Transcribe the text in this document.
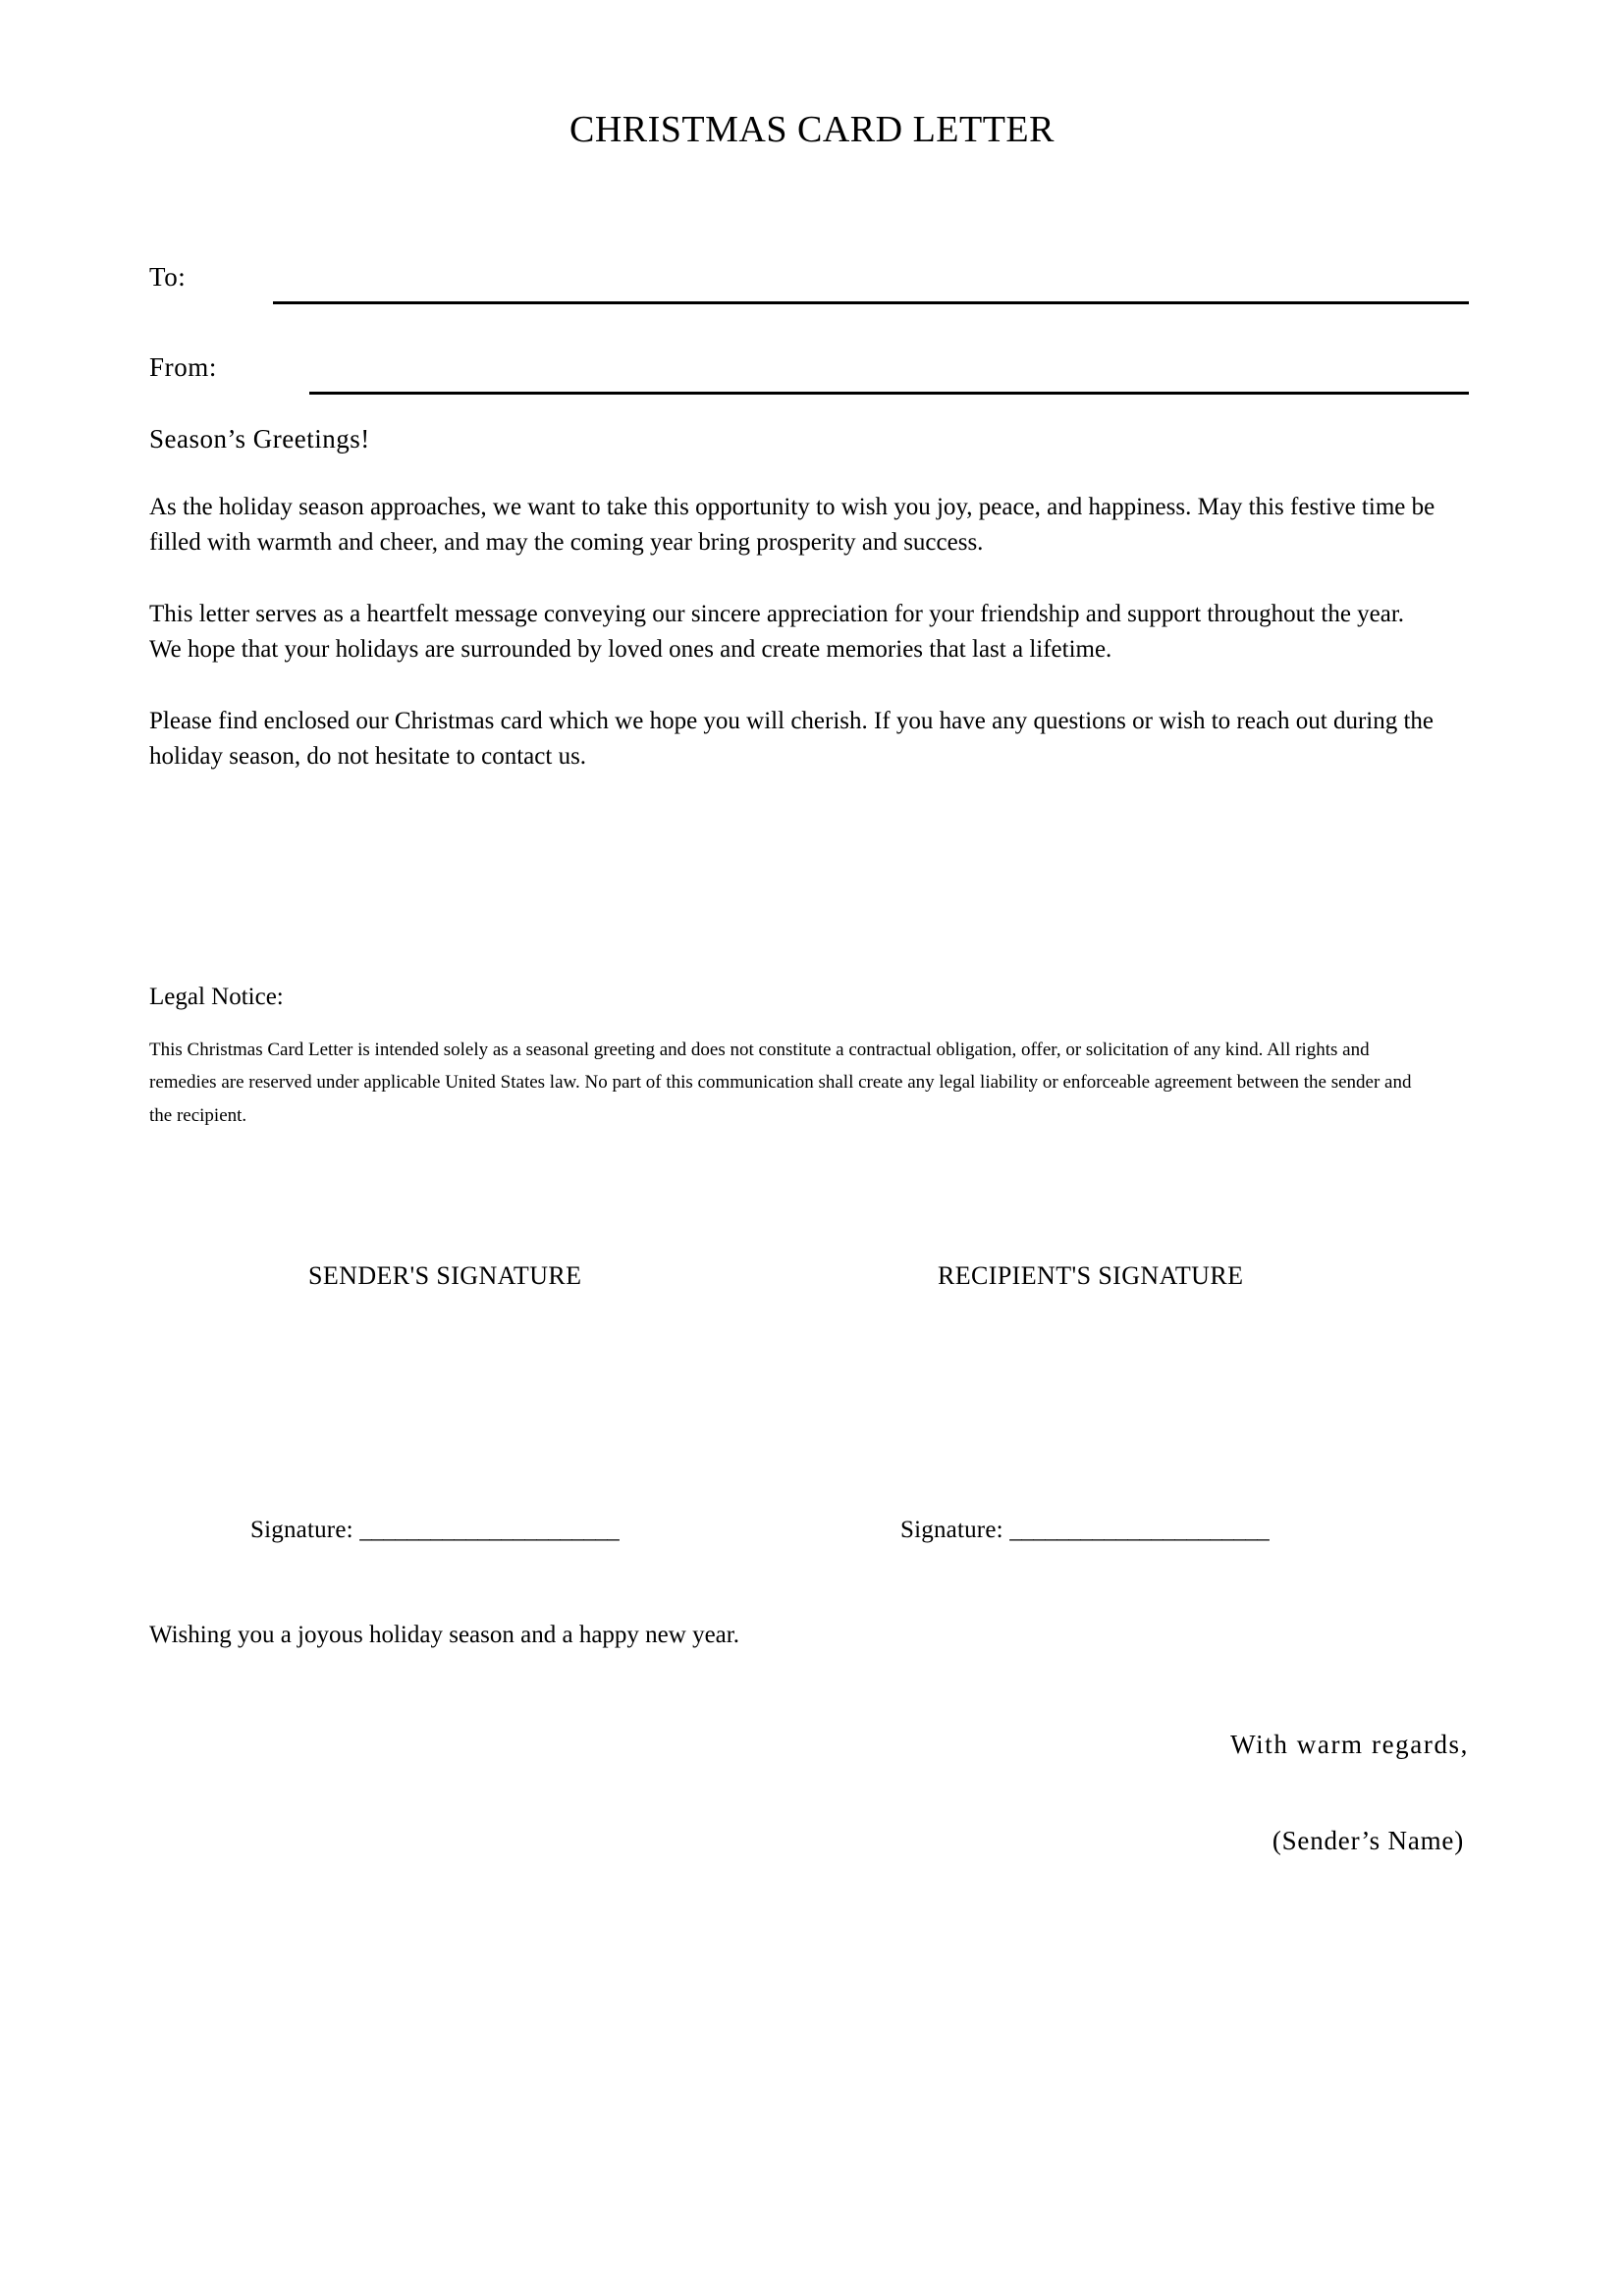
CHRISTMAS CARD LETTER
To:
From:

Season’s Greetings!

As the holiday season approaches, we want to take this opportunity to wish you joy, peace, and happiness. May this festive time be filled with warmth and cheer, and may the coming year bring prosperity and success.

This letter serves as a heartfelt message conveying our sincere appreciation for your friendship and support throughout the year. We hope that your holidays are surrounded by loved ones and create memories that last a lifetime.

Please find enclosed our Christmas card which we hope you will cherish. If you have any questions or wish to reach out during the holiday season, do not hesitate to contact us.

Legal Notice:

This Christmas Card Letter is intended solely as a seasonal greeting and does not constitute a contractual obligation, offer, or solicitation of any kind. All rights and remedies are reserved under applicable United States law. No part of this communication shall create any legal liability or enforceable agreement between the sender and the recipient.

SENDER'S SIGNATURE	RECIPIENT'S SIGNATURE
Signature: ______________________	Signature: ______________________
Wishing you a joyous holiday season and a happy new year.

With warm regards,

(Sender’s Name)
